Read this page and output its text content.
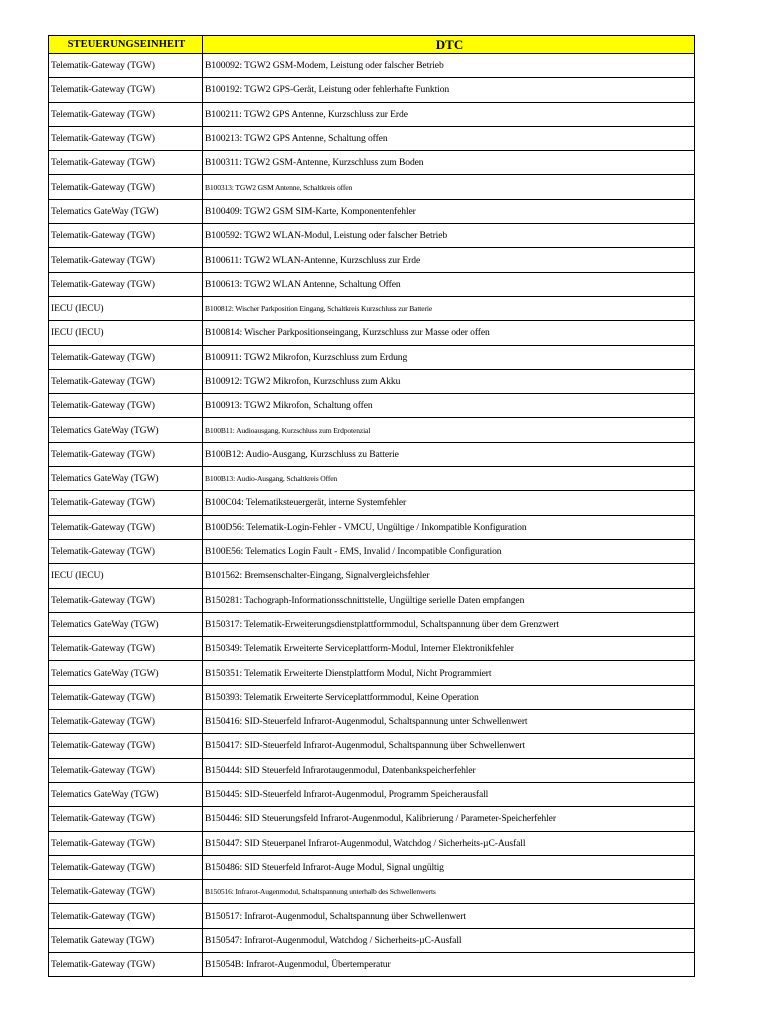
STEUERUNGSEINHEIT	DTC
Telematik-Gateway (TGW)	B100092: TGW2 GSM-Modem, Leistung oder falscher Betrieb
Telematik-Gateway (TGW)	B100192: TGW2 GPS-Gerät, Leistung oder fehlerhafte Funktion
Telematik-Gateway (TGW)	B100211: TGW2 GPS Antenne, Kurzschluss zur Erde
Telematik-Gateway (TGW)	B100213: TGW2 GPS Antenne, Schaltung offen
Telematik-Gateway (TGW)	B100311: TGW2 GSM-Antenne, Kurzschluss zum Boden
Telematik-Gateway (TGW)	B100313: TGW2 GSM Antenne, Schaltkreis offen
Telematics GateWay (TGW)	B100409: TGW2 GSM SIM-Karte, Komponentenfehler
Telematik-Gateway (TGW)	B100592: TGW2 WLAN-Modul, Leistung oder falscher Betrieb
Telematik-Gateway (TGW)	B100611: TGW2 WLAN-Antenne, Kurzschluss zur Erde
Telematik-Gateway (TGW)	B100613: TGW2 WLAN Antenne, Schaltung Offen
IECU (IECU)	B100812: Wischer Parkposition Eingang, Schaltkreis Kurzschluss zur Batterie
IECU (IECU)	B100814: Wischer Parkpositionseingang, Kurzschluss zur Masse oder offen
Telematik-Gateway (TGW)	B100911: TGW2 Mikrofon, Kurzschluss zum Erdung
Telematik-Gateway (TGW)	B100912: TGW2 Mikrofon, Kurzschluss zum Akku
Telematik-Gateway (TGW)	B100913: TGW2 Mikrofon, Schaltung offen
Telematics GateWay (TGW)	B100B11: Audioausgang, Kurzschluss zum Erdpotenzial
Telematik-Gateway (TGW)	B100B12: Audio-Ausgang, Kurzschluss zu Batterie
Telematics GateWay (TGW)	B100B13: Audio-Ausgang, Schaltkreis Offen
Telematik-Gateway (TGW)	B100C04: Telematiksteuergerät, interne Systemfehler
Telematik-Gateway (TGW)	B100D56: Telematik-Login-Fehler - VMCU, Ungültige / Inkompatible Konfiguration
Telematik-Gateway (TGW)	B100E56: Telematics Login Fault - EMS, Invalid / Incompatible Configuration
IECU (IECU)	B101562: Bremsenschalter-Eingang, Signalvergleichsfehler
Telematik-Gateway (TGW)	B150281: Tachograph-Informationsschnittstelle, Ungültige serielle Daten empfangen
Telematics GateWay (TGW)	B150317: Telematik-Erweiterungsdienstplattformmodul, Schaltspannung über dem Grenzwert
Telematik-Gateway (TGW)	B150349: Telematik Erweiterte Serviceplattform-Modul, Interner Elektronikfehler
Telematics GateWay (TGW)	B150351: Telematik Erweiterte Dienstplattform Modul, Nicht Programmiert
Telematik-Gateway (TGW)	B150393: Telematik Erweiterte Serviceplattformmodul, Keine Operation
Telematik-Gateway (TGW)	B150416: SID-Steuerfeld Infrarot-Augenmodul, Schaltspannung unter Schwellenwert
Telematik-Gateway (TGW)	B150417: SID-Steuerfeld Infrarot-Augenmodul, Schaltspannung über Schwellenwert
Telematik-Gateway (TGW)	B150444: SID Steuerfeld Infrarotaugenmodul, Datenbankspeicherfehler
Telematics GateWay (TGW)	B150445: SID-Steuerfeld Infrarot-Augenmodul, Programm Speicherausfall
Telematik-Gateway (TGW)	B150446: SID Steuerungsfeld Infrarot-Augenmodul, Kalibrierung / Parameter-Speicherfehler
Telematik-Gateway (TGW)	B150447: SID Steuerpanel Infrarot-Augenmodul, Watchdog / Sicherheits-µC-Ausfall
Telematik-Gateway (TGW)	B150486: SID Steuerfeld Infrarot-Auge Modul, Signal ungültig
Telematik-Gateway (TGW)	B150516: Infrarot-Augenmodul, Schaltspannung unterhalb des Schwellenwerts
Telematik-Gateway (TGW)	B150517: Infrarot-Augenmodul, Schaltspannung über Schwellenwert
Telematik Gateway (TGW)	B150547: Infrarot-Augenmodul, Watchdog / Sicherheits-µC-Ausfall
Telematik-Gateway (TGW)	B15054B: Infrarot-Augenmodul, Übertemperatur
